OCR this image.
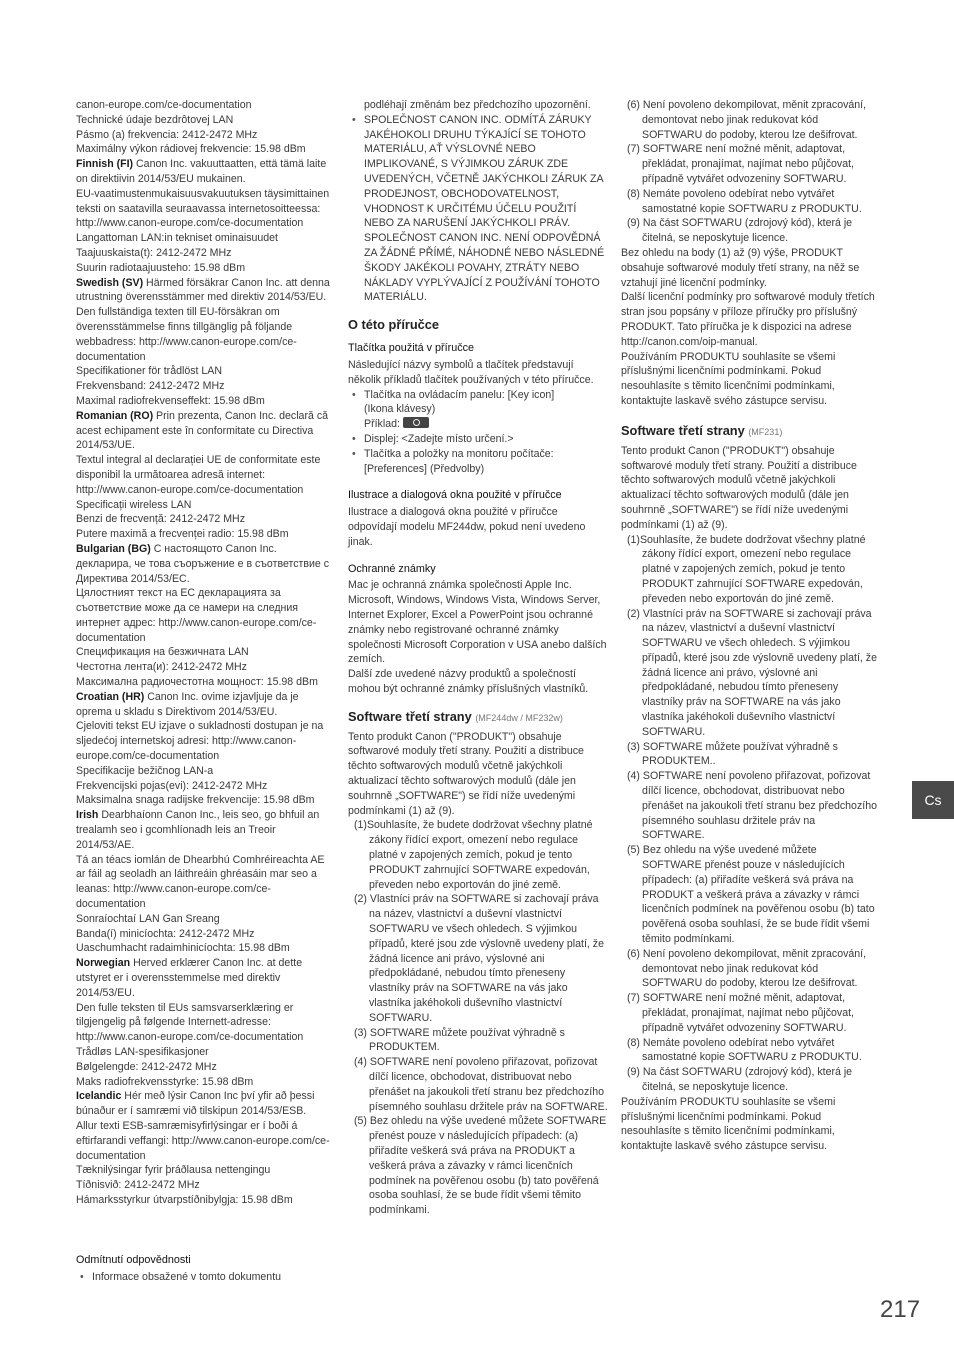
canon-europe.com/ce-documentation
Technické údaje bezdrôtovej LAN
Pásmo (a) frekvencia: 2412-2472 MHz
Maximálny výkon rádiovej frekvencie: 15.98 dBm
Finnish (FI) Canon Inc. vakuuttaatten, että tämä laite on direktiivin 2014/53/EU mukainen.
EU-vaatimustenmukaisuusvakuutuksen täysimittainen teksti on saatavilla seuraavassa internetosoitteessa: http://www.canon-europe.com/ce-documentation
Langattoman LAN:in tekniset ominaisuudet
Taajuuskaista(t): 2412-2472 MHz
Suurin radiotaajuusteho: 15.98 dBm
Swedish (SV) Härmed försäkrar Canon Inc. att denna utrustning överensstämmer med direktiv 2014/53/EU.
Den fullständiga texten till EU-försäkran om överensstämmelse finns tillgänglig på följande webbadress: http://www.canon-europe.com/ce-documentation
Specifikationer för trådlöst LAN
Frekvensband: 2412-2472 MHz
Maximal radiofrekvenseffekt: 15.98 dBm
Romanian (RO) Prin prezenta, Canon Inc. declară că acest echipament este în conformitate cu Directiva 2014/53/UE.
Textul integral al declarației UE de conformitate este disponibil la următoarea adresă internet: http://www.canon-europe.com/ce-documentation
Specificații wireless LAN
Benzi de frecvență: 2412-2472 MHz
Putere maximă a frecvenței radio: 15.98 dBm
Bulgarian (BG) С настоящото Canon Inc. декларира, че това съоръжение е в съответствие с Директива 2014/53/ЕС.
Цялостният текст на ЕС декларацията за съответствие може да се намери на следния интернет адрес: http://www.canon-europe.com/ce-documentation
Спецификация на безжичната LAN
Честотна лента(и): 2412-2472 MHz
Максимална радиочестотна мощност: 15.98 dBm
Croatian (HR) Canon Inc. ovime izjavljuje da je oprema u skladu s Direktivom 2014/53/EU.
Cjeloviti tekst EU izjave o sukladnosti dostupan je na sljedećoj internetskoj adresi: http://www.canon-europe.com/ce-documentation
Specifikacije bežičnog LAN-a
Frekvencijski pojas(evi): 2412-2472 MHz
Maksimalna snaga radijske frekvencije: 15.98 dBm
Irish Dearbhaíonn Canon Inc., leis seo, go bhfuil an trealamh seo i gcomhlíonadh leis an Treoir 2014/53/AE.
Tá an téacs iomlán de Dhearbhú Comhréireachta AE ar fáil ag seoladh an láithreáin ghréasáin mar seo a leanas: http://www.canon-europe.com/ce-documentation
Sonraíochtaí LAN Gan Sreang
Banda(í) minicíochta: 2412-2472 MHz
Uaschumhacht radaimhinicíochta: 15.98 dBm
Norwegian Herved erklærer Canon Inc. at dette utstyret er i overensstemmelse med direktiv 2014/53/EU.
Den fulle teksten til EUs samsvarserklæring er tilgjengelig på følgende Internett-adresse: http://www.canon-europe.com/ce-documentation
Trådløs LAN-spesifikasjoner
Bølgelengde: 2412-2472 MHz
Maks radiofrekvensstyrke: 15.98 dBm
Icelandic Hér með lýsir Canon Inc því yfir að þessi búnaður er í samræmi við tilskipun 2014/53/ESB.
Allur texti ESB-samræmisyfirlýsingar er í boði á eftirfarandi veffangi: http://www.canon-europe.com/ce-documentation
Tæknilýsingar fyrir þráðlausa nettengingu
Tíðnisvið: 2412-2472 MHz
Hámarksstyrkur útvarpstíðnibylgja: 15.98 dBm
Odmítnutí odpovědnosti
• Informace obsažené v tomto dokumentu
podléhají změnám bez předchozího upozornění.
• SPOLEČNOST CANON INC. ODMÍTÁ ZÁRUKY JAKÉHOKOLI DRUHU TÝKAJÍCÍ SE TOHOTO MATERIÁLU, AŤ VÝSLOVNÉ NEBO IMPLIKOVANÉ, S VÝJIMKOU ZÁRUK ZDE UVEDENÝCH, VČETNĚ JAKÝCHKOLI ZÁRUK ZA PRODEJNOST, OBCHODOVATELNOST, VHODNOST K URČITÉMU ÚČELU POUŽITÍ NEBO ZA NARUŠENÍ JAKÝCHKOLI PRÁV. SPOLEČNOST CANON INC. NENÍ ODPOVĚDNÁ ZA ŽÁDNÉ PŘÍMÉ, NÁHODNÉ NEBO NÁSLEDNÉ ŠKODY JAKÉKOLI POVAHY, ZTRÁTY NEBO NÁKLADY VYPLÝVAJÍCÍ Z POUŽÍVÁNÍ TOHOTO MATERIÁLU.
O této příručce
Tlačítka použitá v příručce
Následující názvy symbolů a tlačítek představují několik příkladů tlačítek používaných v této příručce.
• Tlačítka na ovládacím panelu: [Key icon]
(Ikona klávesy)
Příklad:
• Displej: <Zadejte místo určení.>
• Tlačítka a položky na monitoru počítače: [Preferences] (Předvolby)
Ilustrace a dialogová okna použité v příručce
Ilustrace a dialogová okna použité v příručce odpovídají modelu MF244dw, pokud není uvedeno jinak.
Ochranné známky
Mac je ochranná známka společnosti Apple Inc. Microsoft, Windows, Windows Vista, Windows Server, Internet Explorer, Excel a PowerPoint jsou ochranné známky nebo registrované ochranné známky společnosti Microsoft Corporation v USA anebo dalších zemích.
Další zde uvedené názvy produktů a společností mohou být ochranné známky příslušných vlastníků.
Software třetí strany (MF244dw / MF232w)
Tento produkt Canon ("PRODUKT") obsahuje softwarové moduly třetí strany. Použití a distribuce těchto softwarových modulů včetně jakýchkoli aktualizací těchto softwarových modulů (dále jen souhrnně „SOFTWARE") se řídí níže uvedenými podmínkami (1) až (9).
(1)Souhlasíte, že budete dodržovat všechny platné zákony řídící export, omezení nebo regulace platné v zapojených zemích, pokud je tento PRODUKT zahrnující SOFTWARE expedován, převeden nebo exportován do jiné země.
(2) Vlastníci práv na SOFTWARE si zachovají práva na název, vlastnictví a duševní vlastnictví SOFTWARU ve všech ohledech. S výjimkou případů, které jsou zde výslovně uvedeny platí, že žádná licence ani právo, výslovné ani předpokládané, nebudou tímto přeneseny vlastníky práv na SOFTWARE na vás jako vlastníka jakéhokoli duševního vlastnictví SOFTWARU.
(3) SOFTWARE můžete používat výhradně s PRODUKTEM.
(4) SOFTWARE není povoleno přiřazovat, pořizovat dílčí licence, obchodovat, distribuovat nebo přenášet na jakoukoli třetí stranu bez předchozího písemného souhlasu držitele práv na SOFTWARE.
(5) Bez ohledu na výše uvedené můžete SOFTWARE přenést pouze v následujících případech: (a) přiřadíte veškerá svá práva na PRODUKT a veškerá práva a závazky v rámci licenčních podmínek na pověřenou osobu (b) tato pověřená osoba souhlasí, že se bude řídit všemi těmito podmínkami.
(6) Není povoleno dekompilovat, měnit zpracování, demontovat nebo jinak redukovat kód SOFTWARU do podoby, kterou lze dešifrovat.
(7) SOFTWARE není možné měnit, adaptovat, překládat, pronajímat, najímat nebo půjčovat, případně vytvářet odvozeniny SOFTWARU.
(8) Nemáte povoleno odebírat nebo vytvářet samostatné kopie SOFTWARU z PRODUKTU.
(9) Na část SOFTWARU (zdrojový kód), která je čitelná, se neposkytuje licence.
Bez ohledu na body (1) až (9) výše, PRODUKT obsahuje softwarové moduly třetí strany, na něž se vztahují jiné licenční podmínky.
Další licenční podmínky pro softwarové moduly třetích stran jsou popsány v příloze příručky pro příslušný PRODUKT. Tato příručka je k dispozici na adrese http://canon.com/oip-manual.
Používáním PRODUKTU souhlasíte se všemi příslušnými licenčními podmínkami. Pokud nesouhlasíte s těmito licenčními podmínkami, kontaktujte laskavě svého zástupce servisu.
Software třetí strany (MF231)
Tento produkt Canon ("PRODUKT") obsahuje softwarové moduly třetí strany. Použití a distribuce těchto softwarových modulů včetně jakýchkoli aktualizací těchto softwarových modulů (dále jen souhrnně „SOFTWARE") se řídí níže uvedenými podmínkami (1) až (9).
(1)Souhlasíte, že budete dodržovat všechny platné zákony řídící export, omezení nebo regulace platné v zapojených zemích, pokud je tento PRODUKT zahrnující SOFTWARE expedován, převeden nebo exportován do jiné země.
(2) Vlastníci práv na SOFTWARE si zachovají práva na název, vlastnictví a duševní vlastnictví SOFTWARU ve všech ohledech. S výjimkou případů, které jsou zde výslovně uvedeny platí, že žádná licence ani právo, výslovné ani předpokládané, nebudou tímto přeneseny vlastníky práv na SOFTWARE na vás jako vlastníka jakéhokoli duševního vlastnictví SOFTWARU.
(3) SOFTWARE můžete používat výhradně s PRODUKTEM..
(4) SOFTWARE není povoleno přiřazovat, pořizovat dílčí licence, obchodovat, distribuovat nebo přenášet na jakoukoli třetí stranu bez předchozího písemného souhlasu držitele práv na SOFTWARE.
(5) Bez ohledu na výše uvedené můžete SOFTWARE přenést pouze v následujících případech: (a) přiřadíte veškerá svá práva na PRODUKT a veškerá práva a závazky v rámci licenčních podmínek na pověřenou osobu (b) tato pověřená osoba souhlasí, že se bude řídit všemi těmito podmínkami.
(6) Není povoleno dekompilovat, měnit zpracování, demontovat nebo jinak redukovat kód SOFTWARU do podoby, kterou lze dešifrovat.
(7) SOFTWARE není možné měnit, adaptovat, překládat, pronajímat, najímat nebo půjčovat, případně vytvářet odvozeniny SOFTWARU.
(8) Nemáte povoleno odebírat nebo vytvářet samostatné kopie SOFTWARU z PRODUKTU.
(9) Na část SOFTWARU (zdrojový kód), která je čitelná, se neposkytuje licence.
Používáním PRODUKTU souhlasíte se všemi příslušnými licenčními podmínkami. Pokud nesouhlasíte s těmito licenčními podmínkami, kontaktujte laskavě svého zástupce servisu.
Cs
217
